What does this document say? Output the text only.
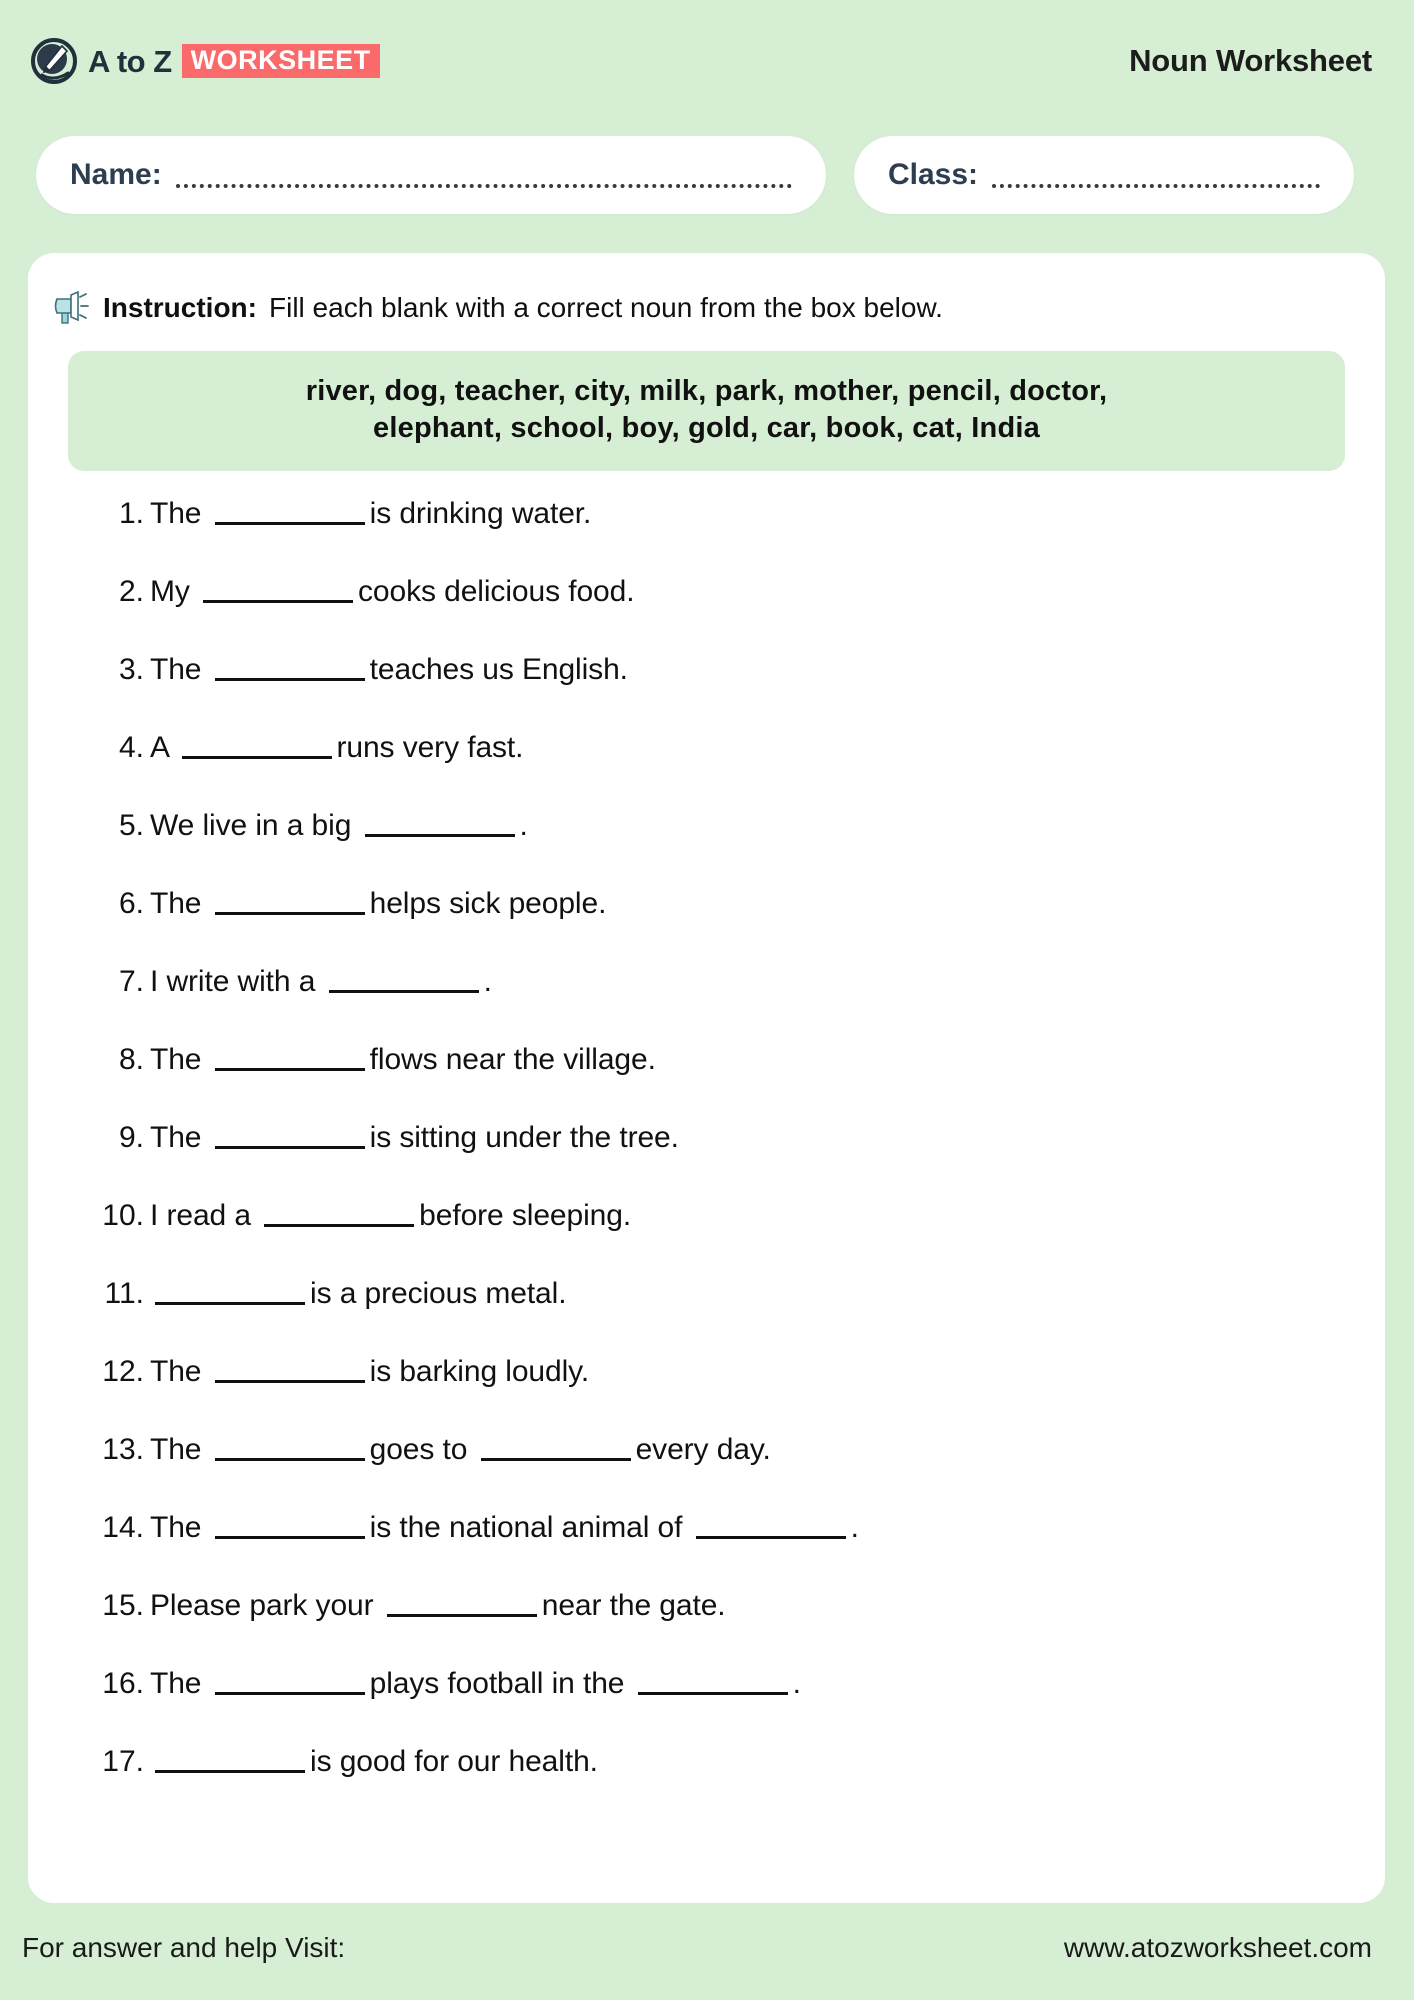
A to Z WORKSHEET	Noun Worksheet
Name:	Class:
Instruction: Fill each blank with a correct noun from the box below.
river, dog, teacher, city, milk, park, mother, pencil, doctor,
elephant, school, boy, gold, car, book, cat, India
1. The	is drinking water.
2. My	cooks delicious food.
3. The	teaches us English.
4. A	runs very fast.
5. We live in a big	.
6. The	helps sick people.
7. I write with a	.
8. The	flows near the village.
9. The	is sitting under the tree.
10. I read a	before sleeping.
11.	is a precious metal.
12. The	is barking loudly.
13. The	goes to	every day.
14. The	is the national animal of	.
15. Please park your	near the gate.
16. The	plays football in the	.
17.	is good for our health.
For answer and help Visit:	www.atozworksheet.com
